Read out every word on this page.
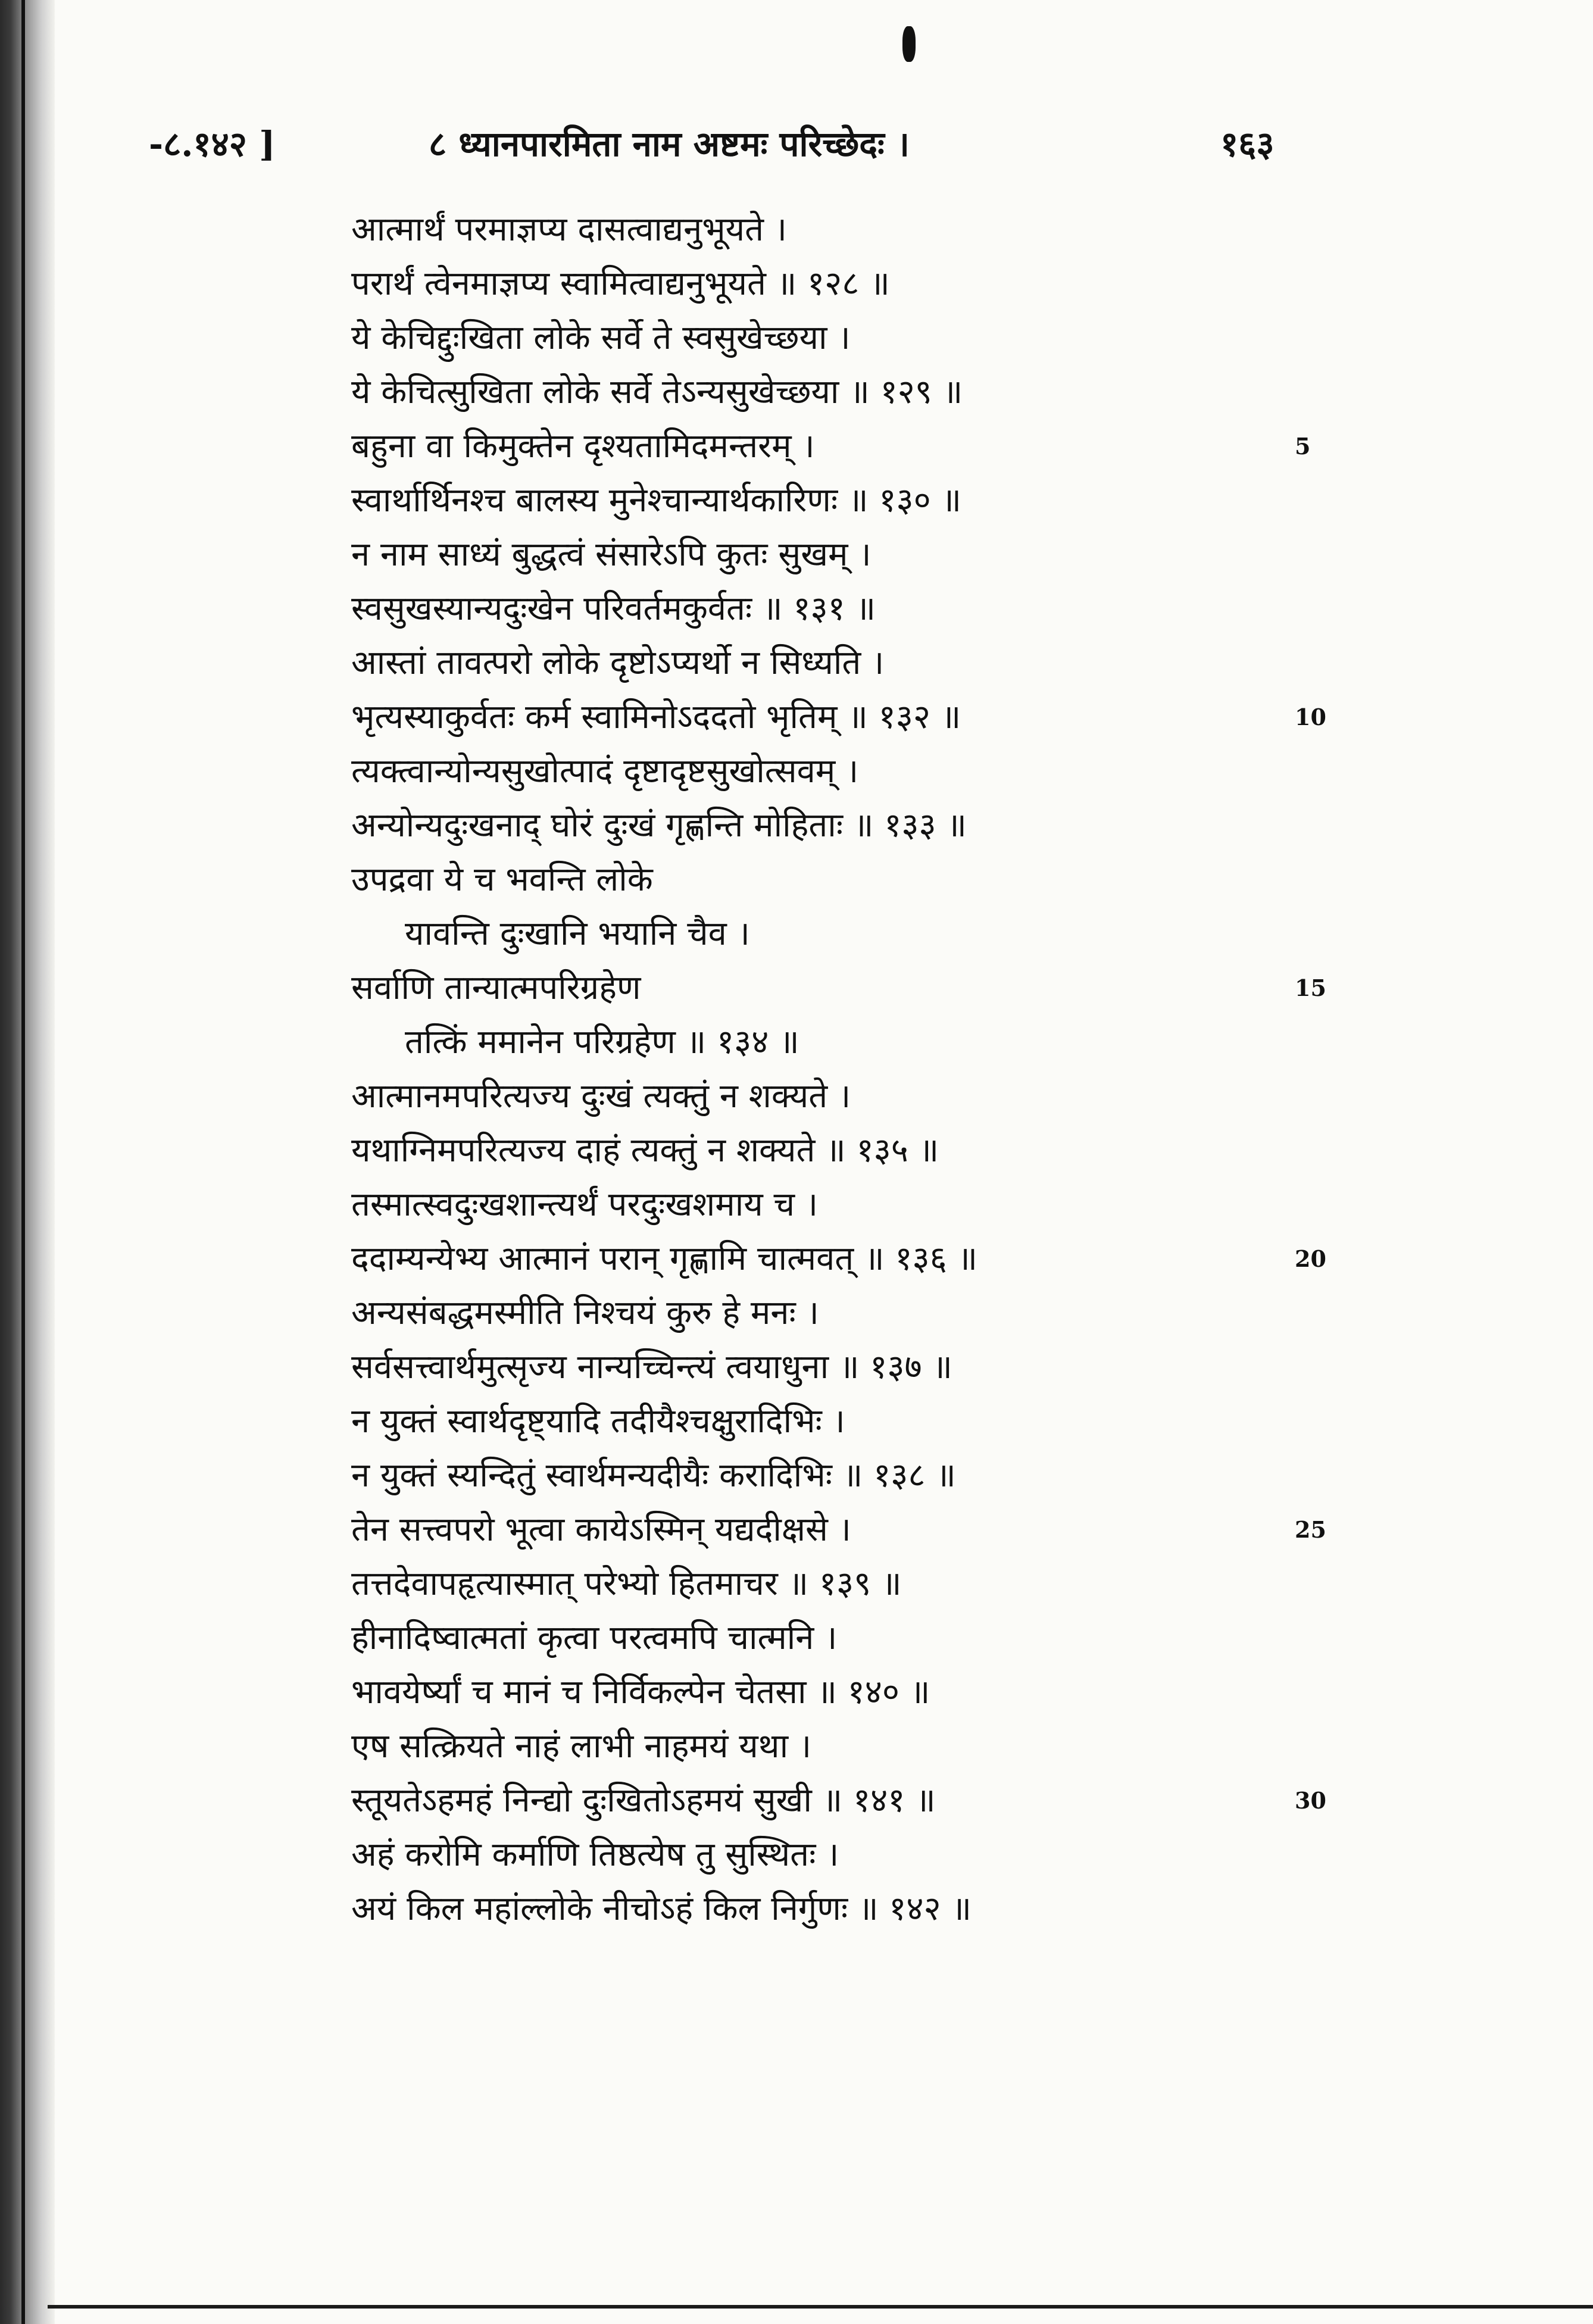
-८.१४२ ]	८ ध्यानपारमिता नाम अष्टमः परिच्छेदः ।	१६३
आत्मार्थं परमाज्ञप्य दासत्वाद्यनुभूयते ।
परार्थं त्वेनमाज्ञप्य स्वामित्वाद्यनुभूयते ॥ १२८ ॥
ये केचिद्दुःखिता लोके सर्वे ते स्वसुखेच्छया ।
ये केचित्सुखिता लोके सर्वे तेऽन्यसुखेच्छया ॥ १२९ ॥
बहुना वा किमुक्तेन दृश्यतामिदमन्तरम् ।
स्वार्थार्थिनश्च बालस्य मुनेश्चान्यार्थकारिणः ॥ १३० ॥
न नाम साध्यं बुद्धत्वं संसारेऽपि कुतः सुखम् ।
स्वसुखस्यान्यदुःखेन परिवर्तमकुर्वतः ॥ १३१ ॥
आस्तां तावत्परो लोके दृष्टोऽप्यर्थो न सिध्यति ।
भृत्यस्याकुर्वतः कर्म स्वामिनोऽददतो भृतिम् ॥ १३२ ॥
त्यक्त्वान्योन्यसुखोत्पादं दृष्टादृष्टसुखोत्सवम् ।
अन्योन्यदुःखनाद् घोरं दुःखं गृह्णन्ति मोहिताः ॥ १३३ ॥
उपद्रवा ये च भवन्ति लोके
यावन्ति दुःखानि भयानि चैव ।
सर्वाणि तान्यात्मपरिग्रहेण
तत्किं ममानेन परिग्रहेण ॥ १३४ ॥
आत्मानमपरित्यज्य दुःखं त्यक्तुं न शक्यते ।
यथाग्निमपरित्यज्य दाहं त्यक्तुं न शक्यते ॥ १३५ ॥
तस्मात्स्वदुःखशान्त्यर्थं परदुःखशमाय च ।
ददाम्यन्येभ्य आत्मानं परान् गृह्णामि चात्मवत् ॥ १३६ ॥
अन्यसंबद्धमस्मीति निश्चयं कुरु हे मनः ।
सर्वसत्त्वार्थमुत्सृज्य नान्यच्चिन्त्यं त्वयाधुना ॥ १३७ ॥
न युक्तं स्वार्थदृष्ट्यादि तदीयैश्चक्षुरादिभिः ।
न युक्तं स्यन्दितुं स्वार्थमन्यदीयैः करादिभिः ॥ १३८ ॥
तेन सत्त्वपरो भूत्वा कायेऽस्मिन् यद्यदीक्षसे ।
तत्तदेवापहृत्यास्मात् परेभ्यो हितमाचर ॥ १३९ ॥
हीनादिष्वात्मतां कृत्वा परत्वमपि चात्मनि ।
भावयेर्ष्यां च मानं च निर्विकल्पेन चेतसा ॥ १४० ॥
एष सत्क्रियते नाहं लाभी नाहमयं यथा ।
स्तूयतेऽहमहं निन्द्यो दुःखितोऽहमयं सुखी ॥ १४१ ॥
अहं करोमि कर्माणि तिष्ठत्येष तु सुस्थितः ।
अयं किल महांल्लोके नीचोऽहं किल निर्गुणः ॥ १४२ ॥
5
10
15
20
25
30
